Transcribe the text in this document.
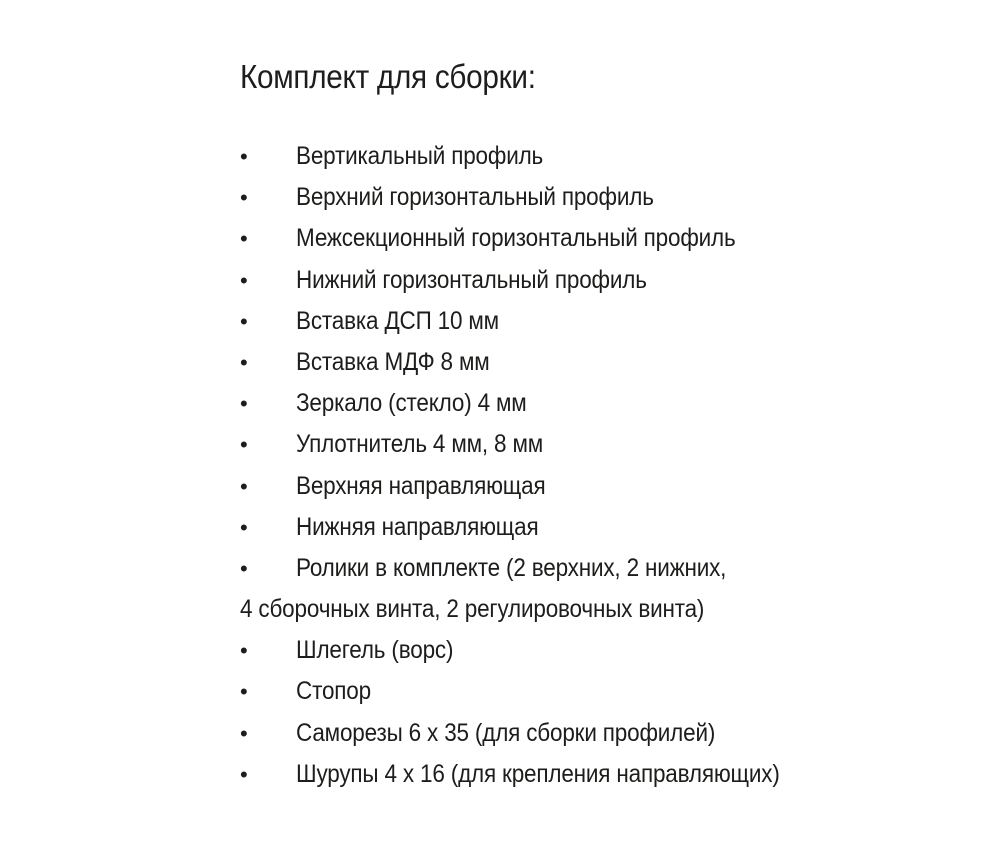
Комплект для сборки:
• Вертикальный профиль
• Верхний горизонтальный профиль
• Межсекционный горизонтальный профиль
• Нижний горизонтальный профиль
• Вставка ДСП 10 мм
• Вставка МДФ 8 мм
• Зеркало (стекло) 4 мм
• Уплотнитель 4 мм, 8 мм
• Верхняя направляющая
• Нижняя направляющая
• Ролики в комплекте (2 верхних, 2 нижних,
4 сборочных винта, 2 регулировочных винта)
• Шлегель (ворс)
• Стопор
• Саморезы 6 х 35 (для сборки профилей)
• Шурупы 4 х 16 (для крепления направляющих)
